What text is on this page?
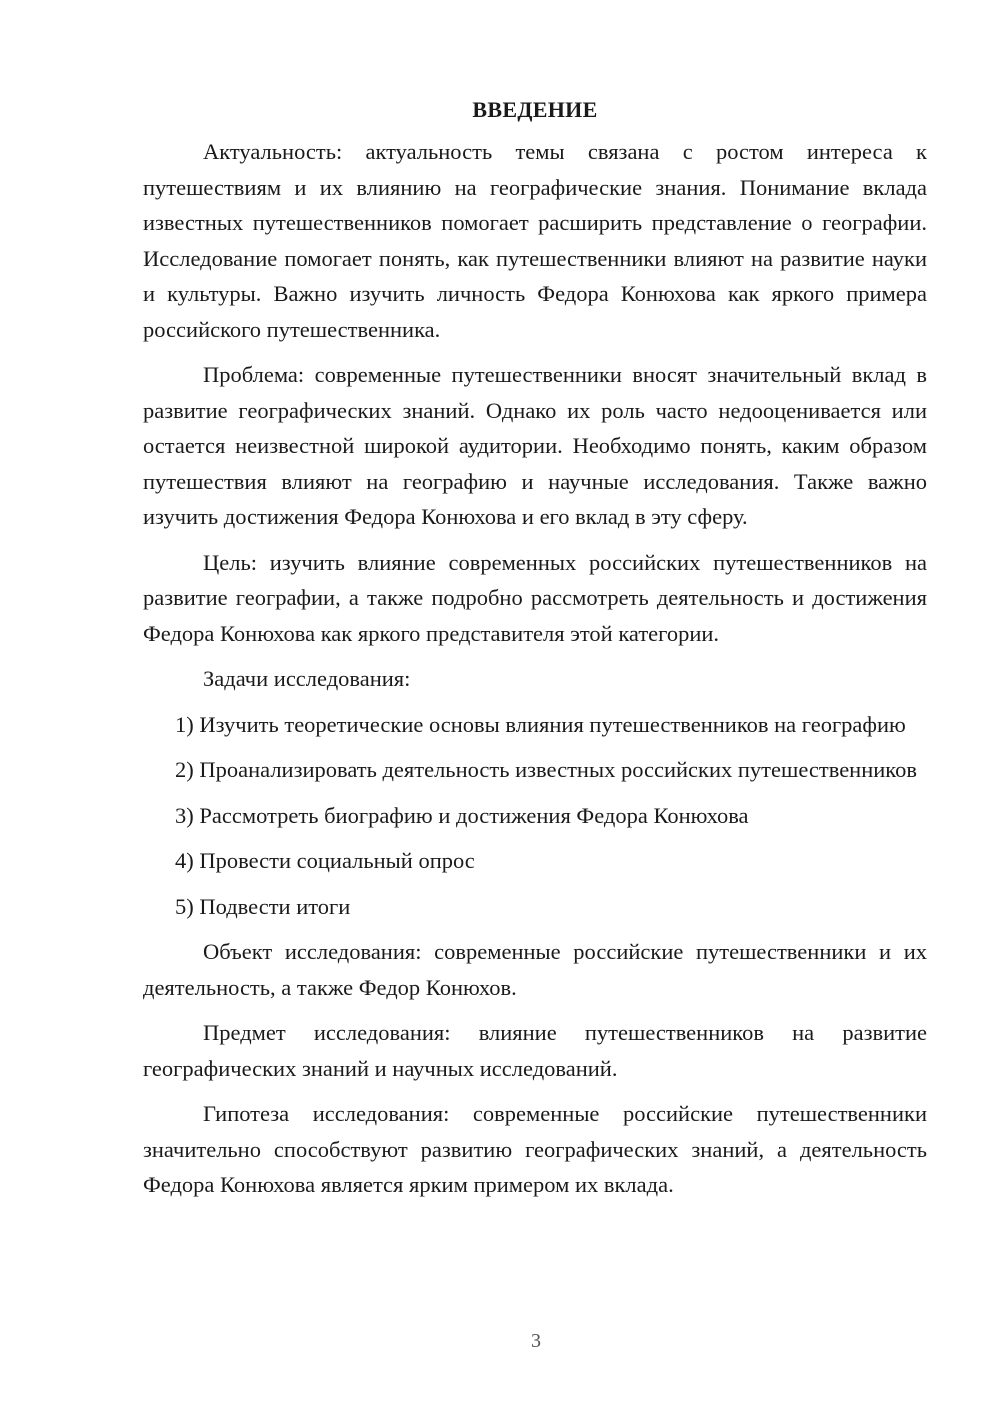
ВВЕДЕНИЕ

Актуальность: актуальность темы связана с ростом интереса к путешествиям и их влиянию на географические знания. Понимание вклада известных путешественников помогает расширить представление о географии. Исследование помогает понять, как путешественники влияют на развитие науки и культуры. Важно изучить личность Федора Конюхова как яркого примера российского путешественника.

Проблема: современные путешественники вносят значительный вклад в развитие географических знаний. Однако их роль часто недооценивается или остается неизвестной широкой аудитории. Необходимо понять, каким образом путешествия влияют на географию и научные исследования. Также важно изучить достижения Федора Конюхова и его вклад в эту сферу.

Цель: изучить влияние современных российских путешественников на развитие географии, а также подробно рассмотреть деятельность и достижения Федора Конюхова как яркого представителя этой категории.

Задачи исследования:

1) Изучить теоретические основы влияния путешественников на географию

2) Проанализировать деятельность известных российских путешественников

3) Рассмотреть биографию и достижения Федора Конюхова

4) Провести социальный опрос

5) Подвести итоги

Объект исследования: современные российские путешественники и их деятельность, а также Федор Конюхов.

Предмет исследования: влияние путешественников на развитие географических знаний и научных исследований.

Гипотеза исследования: современные российские путешественники значительно способствуют развитию географических знаний, а деятельность Федора Конюхова является ярким примером их вклада.

3
